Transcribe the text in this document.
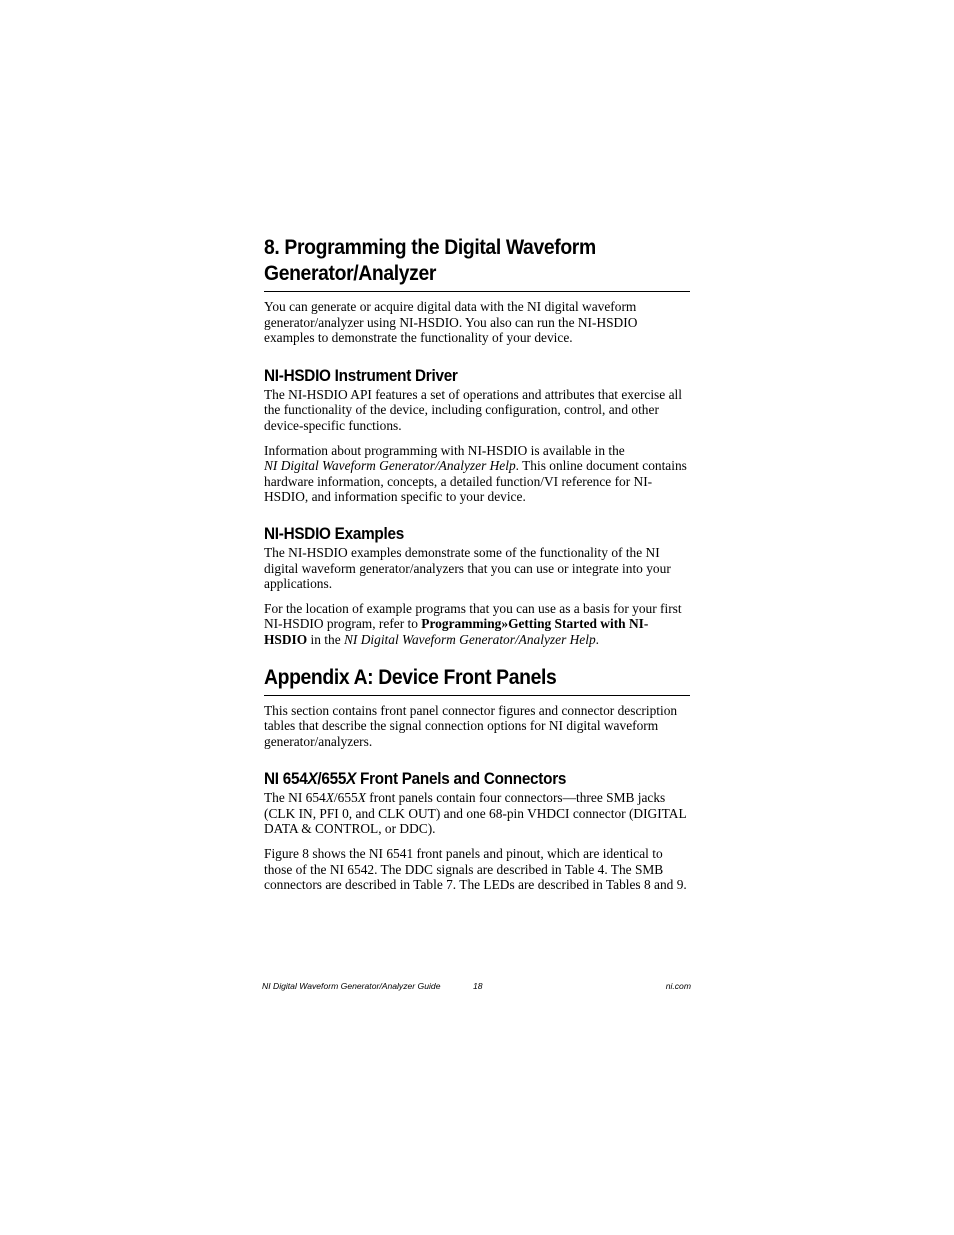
8. Programming the Digital Waveform
Generator/Analyzer

You can generate or acquire digital data with the NI digital waveform generator/analyzer using NI-HSDIO. You also can run the NI-HSDIO examples to demonstrate the functionality of your device.

NI-HSDIO Instrument Driver

The NI-HSDIO API features a set of operations and attributes that exercise all the functionality of the device, including configuration, control, and other device-specific functions.

Information about programming with NI-HSDIO is available in the
NI Digital Waveform Generator/Analyzer Help. This online document contains hardware information, concepts, a detailed function/VI reference for NI-HSDIO, and information specific to your device.

NI-HSDIO Examples

The NI-HSDIO examples demonstrate some of the functionality of the NI digital waveform generator/analyzers that you can use or integrate into your applications.

For the location of example programs that you can use as a basis for your first NI-HSDIO program, refer to Programming»Getting Started with NI-HSDIO in the NI Digital Waveform Generator/Analyzer Help.

Appendix A: Device Front Panels

This section contains front panel connector figures and connector description tables that describe the signal connection options for NI digital waveform generator/analyzers.

NI 654X/655X Front Panels and Connectors

The NI 654X/655X front panels contain four connectors—three SMB jacks (CLK IN, PFI 0, and CLK OUT) and one 68-pin VHDCI connector (DIGITAL DATA & CONTROL, or DDC).

Figure 8 shows the NI 6541 front panels and pinout, which are identical to those of the NI 6542. The DDC signals are described in Table 4. The SMB connectors are described in Table 7. The LEDs are described in Tables 8 and 9.

NI Digital Waveform Generator/Analyzer Guide	18	ni.com
